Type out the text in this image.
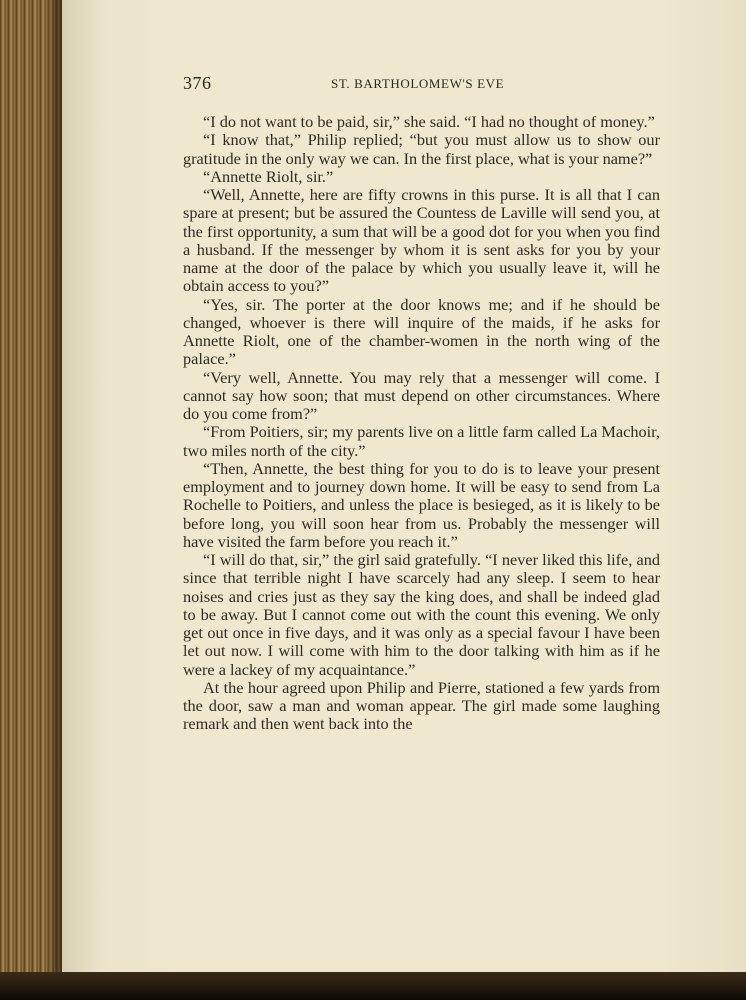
376	ST. BARTHOLOMEW'S EVE

“I do not want to be paid, sir,” she said. “I had no thought of money.”

“I know that,” Philip replied; “but you must allow us to show our gratitude in the only way we can. In the first place, what is your name?”

“Annette Riolt, sir.”

“Well, Annette, here are fifty crowns in this purse. It is all that I can spare at present; but be assured the Countess de Laville will send you, at the first opportunity, a sum that will be a good dot for you when you find a husband. If the messenger by whom it is sent asks for you by your name at the door of the palace by which you usually leave it, will he obtain access to you?”

“Yes, sir. The porter at the door knows me; and if he should be changed, whoever is there will inquire of the maids, if he asks for Annette Riolt, one of the chamber-women in the north wing of the palace.”

“Very well, Annette. You may rely that a messenger will come. I cannot say how soon; that must depend on other circumstances. Where do you come from?”

“From Poitiers, sir; my parents live on a little farm called La Machoir, two miles north of the city.”

“Then, Annette, the best thing for you to do is to leave your present employment and to journey down home. It will be easy to send from La Rochelle to Poitiers, and unless the place is besieged, as it is likely to be before long, you will soon hear from us. Probably the messenger will have visited the farm before you reach it.”

“I will do that, sir,” the girl said gratefully. “I never liked this life, and since that terrible night I have scarcely had any sleep. I seem to hear noises and cries just as they say the king does, and shall be indeed glad to be away. But I cannot come out with the count this evening. We only get out once in five days, and it was only as a special favour I have been let out now. I will come with him to the door talking with him as if he were a lackey of my acquaintance.”

At the hour agreed upon Philip and Pierre, stationed a few yards from the door, saw a man and woman appear. The girl made some laughing remark and then went back into the
